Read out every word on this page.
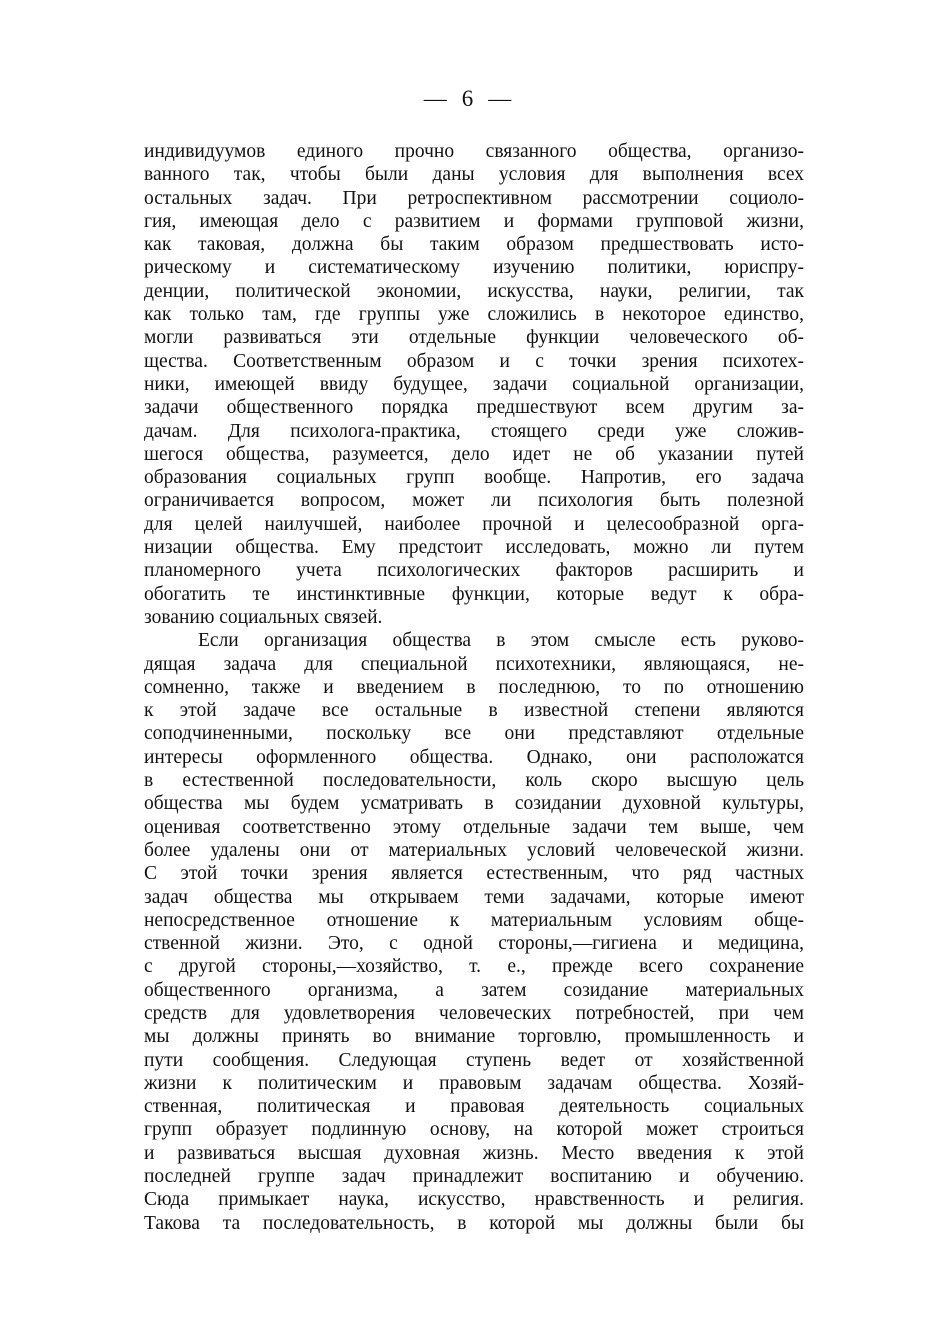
— 6 —
индивидуумов единого прочно связанного общества, организо-
ванного так, чтобы были даны условия для выполнения всех
остальных задач. При ретроспективном рассмотрении социоло-
гия, имеющая дело с развитием и формами групповой жизни,
как таковая, должна бы таким образом предшествовать исто-
рическому и систематическому изучению политики, юриспру-
денции, политической экономии, искусства, науки, религии, так
как только там, где группы уже сложились в некоторое единство,
могли развиваться эти отдельные функции человеческого об-
щества. Соответственным образом и с точки зрения психотех-
ники, имеющей ввиду будущее, задачи социальной организации,
задачи общественного порядка предшествуют всем другим за-
дачам. Для психолога-практика, стоящего среди уже сложив-
шегося общества, разумеется, дело идет не об указании путей
образования социальных групп вообще. Напротив, его задача
ограничивается вопросом, может ли психология быть полезной
для целей наилучшей, наиболее прочной и целесообразной орга-
низации общества. Ему предстоит исследовать, можно ли путем
планомерного учета психологических факторов расширить и
обогатить те инстинктивные функции, которые ведут к обра-
зованию социальных связей.
Если организация общества в этом смысле есть руково-
дящая задача для специальной психотехники, являющаяся, не-
сомненно, также и введением в последнюю, то по отношению
к этой задаче все остальные в известной степени являются
соподчиненными, поскольку все они представляют отдельные
интересы оформленного общества. Однако, они расположатся
в естественной последовательности, коль скоро высшую цель
общества мы будем усматривать в созидании духовной культуры,
оценивая соответственно этому отдельные задачи тем выше, чем
более удалены они от материальных условий человеческой жизни.
С этой точки зрения является естественным, что ряд частных
задач общества мы открываем теми задачами, которые имеют
непосредственное отношение к материальным условиям обще-
ственной жизни. Это, с одной стороны,—гигиена и медицина,
с другой стороны,—хозяйство, т. е., прежде всего сохранение
общественного организма, а затем созидание материальных
средств для удовлетворения человеческих потребностей, при чем
мы должны принять во внимание торговлю, промышленность и
пути сообщения. Следующая ступень ведет от хозяйственной
жизни к политическим и правовым задачам общества. Хозяй-
ственная, политическая и правовая деятельность социальных
групп образует подлинную основу, на которой может строиться
и развиваться высшая духовная жизнь. Место введения к этой
последней группе задач принадлежит воспитанию и обучению.
Сюда примыкает наука, искусство, нравственность и религия.
Такова та последовательность, в которой мы должны были бы
